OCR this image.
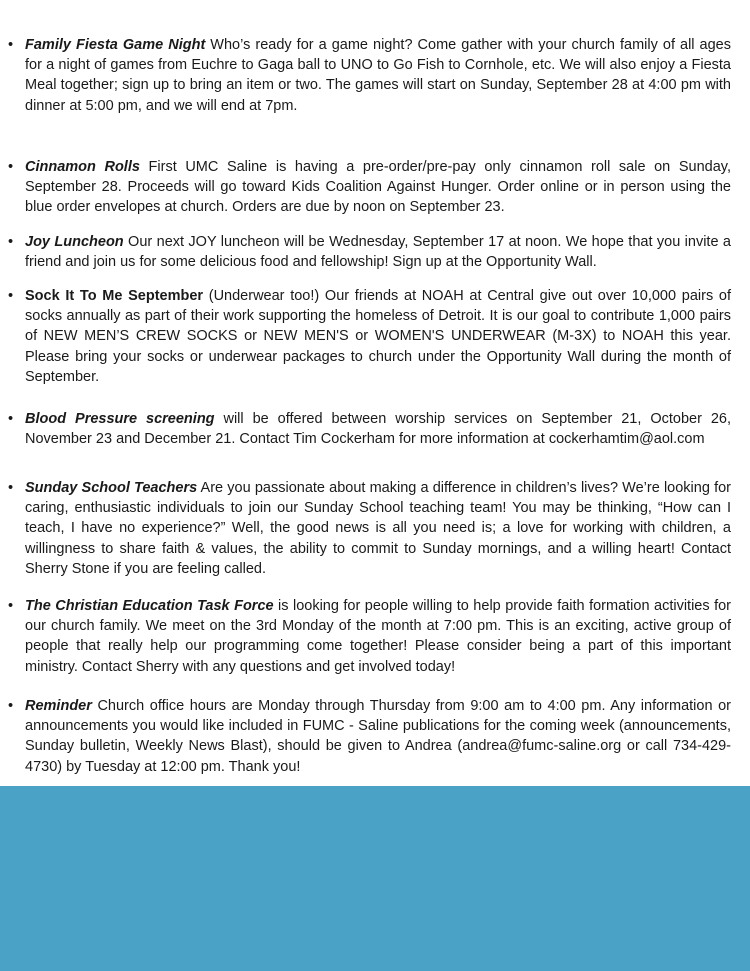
• Family Fiesta Game Night Who’s ready for a game night? Come gather with your church family of all ages for a night of games from Euchre to Gaga ball to UNO to Go Fish to Cornhole, etc. We will also enjoy a Fiesta Meal together; sign up to bring an item or two. The games will start on Sunday, September 28 at 4:00 pm with dinner at 5:00 pm, and we will end at 7pm.
• Cinnamon Rolls First UMC Saline is having a pre-order/pre-pay only cinnamon roll sale on Sunday, September 28. Proceeds will go toward Kids Coalition Against Hunger. Order online or in person using the blue order envelopes at church. Orders are due by noon on September 23.
• Joy Luncheon Our next JOY luncheon will be Wednesday, September 17 at noon. We hope that you invite a friend and join us for some delicious food and fellowship! Sign up at the Opportunity Wall.
• Sock It To Me September (Underwear too!) Our friends at NOAH at Central give out over 10,000 pairs of socks annually as part of their work supporting the homeless of Detroit. It is our goal to contribute 1,000 pairs of NEW MEN’S CREW SOCKS or NEW MEN'S or WOMEN'S UNDERWEAR (M-3X) to NOAH this year. Please bring your socks or underwear packages to church under the Opportunity Wall during the month of September.
• Blood Pressure screening will be offered between worship services on September 21, October 26, November 23 and December 21. Contact Tim Cockerham for more information at cockerhamtim@aol.com
• Sunday School Teachers Are you passionate about making a difference in children’s lives? We’re looking for caring, enthusiastic individuals to join our Sunday School teaching team! You may be thinking, “How can I teach, I have no experience?” Well, the good news is all you need is; a love for working with children, a willingness to share faith & values, the ability to commit to Sunday mornings, and a willing heart! Contact Sherry Stone if you are feeling called.
• The Christian Education Task Force is looking for people willing to help provide faith formation activities for our church family. We meet on the 3rd Monday of the month at 7:00 pm. This is an exciting, active group of people that really help our programming come together! Please consider being a part of this important ministry. Contact Sherry with any questions and get involved today!
• Reminder Church office hours are Monday through Thursday from 9:00 am to 4:00 pm. Any information or announcements you would like included in FUMC - Saline publications for the coming week (announcements, Sunday bulletin, Weekly News Blast), should be given to Andrea (andrea@fumc-saline.org or call 734-429-4730) by Tuesday at 12:00 pm. Thank you!
